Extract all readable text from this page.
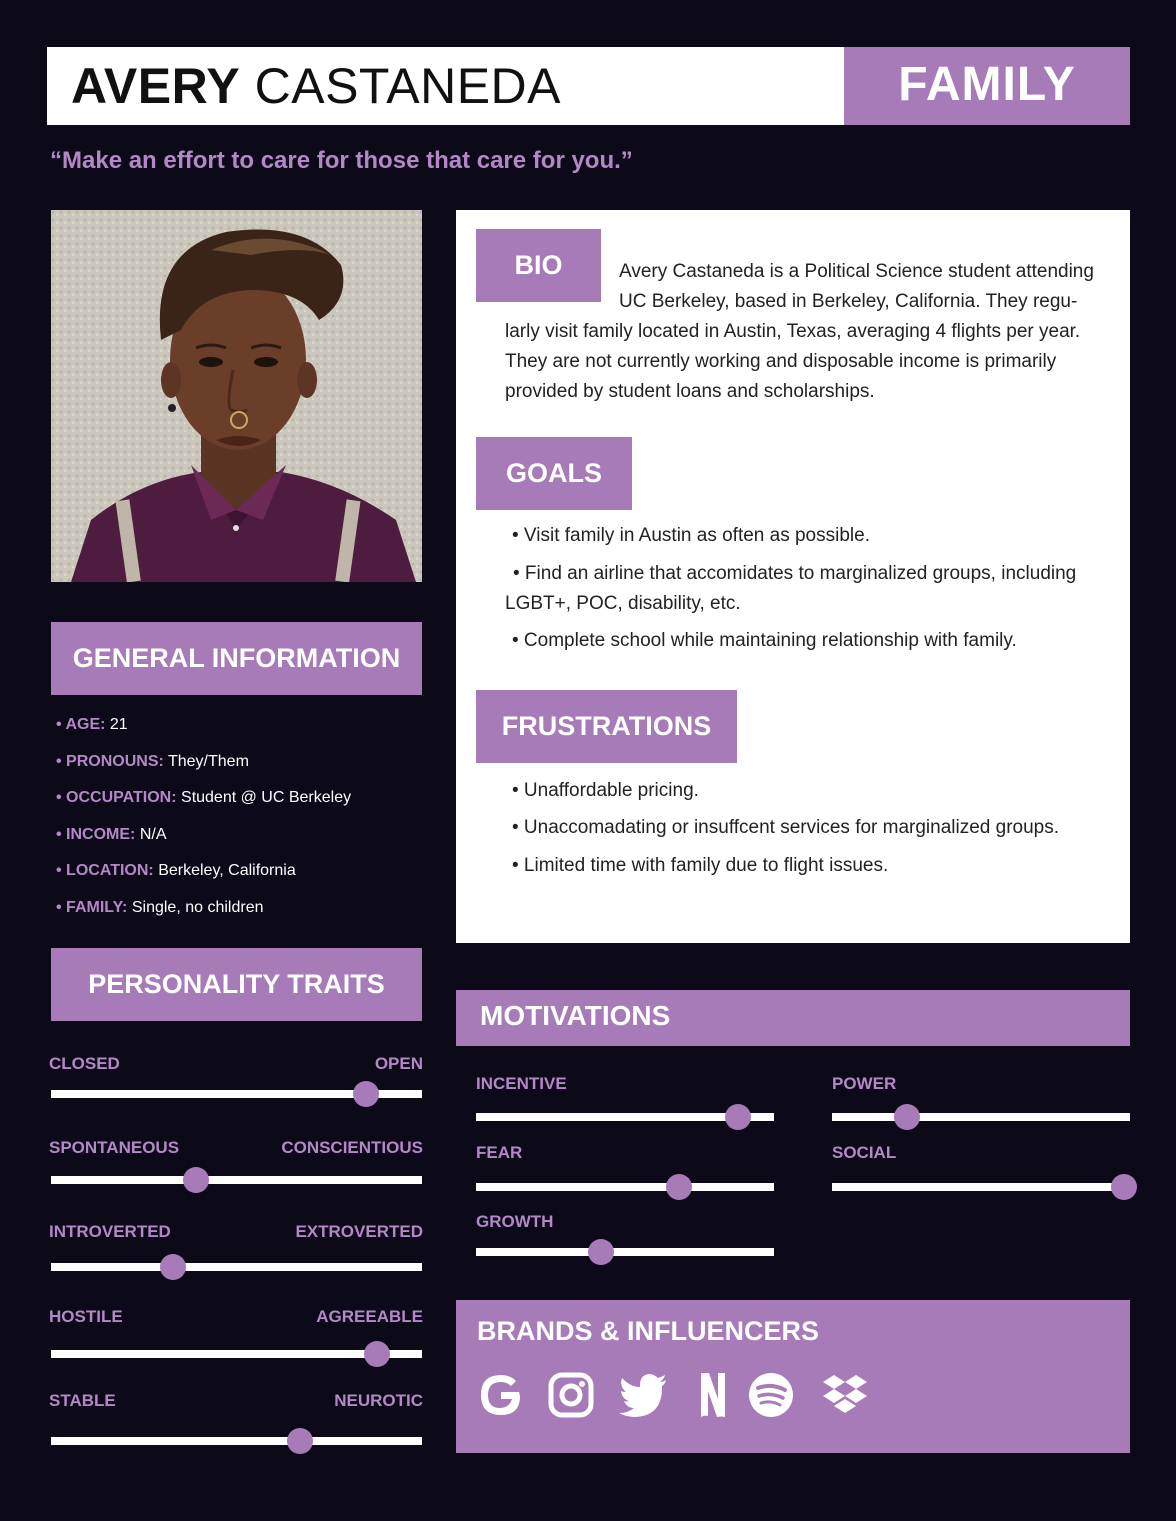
AVERY CASTANEDA	FAMILY
“Make an effort to care for those that care for you.”
GENERAL INFORMATION
• AGE: 21
• PRONOUNS: They/Them
• OCCUPATION: Student @ UC Berkeley
• INCOME: N/A
• LOCATION: Berkeley, California
• FAMILY: Single, no children
PERSONALITY TRAITS
CLOSED	OPEN
SPONTANEOUS	CONSCIENTIOUS
INTROVERTED	EXTROVERTED
HOSTILE	AGREEABLE
STABLE	NEUROTIC
BIO	Avery Castaneda is a Political Science student attending
UC Berkeley, based in Berkeley, California. They regu-
larly visit family located in Austin, Texas, averaging 4 flights per year. They are not currently working and disposable income is primarily provided by student loans and scholarships.
GOALS
• Visit family in Austin as often as possible.
• Find an airline that accomidates to marginalized groups, including LGBT+, POC, disability, etc.
• Complete school while maintaining relationship with family.
FRUSTRATIONS
• Unaffordable pricing.
• Unaccomadating or insuffcent services for marginalized groups.
• Limited time with family due to flight issues.
MOTIVATIONS
INCENTIVE	POWER
FEAR	SOCIAL
GROWTH
BRANDS & INFLUENCERS
